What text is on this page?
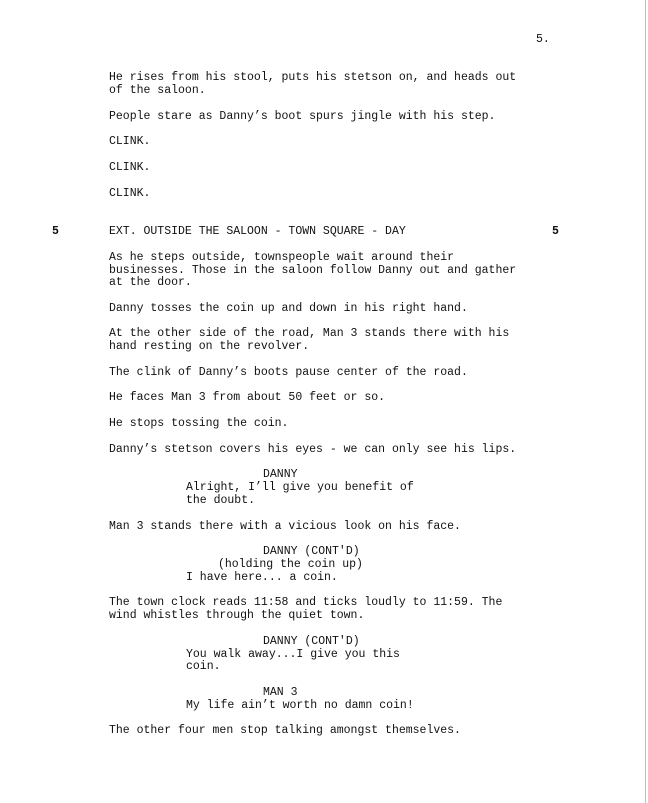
5.
He rises from his stool, puts his stetson on, and heads out
of the saloon.
People stare as Danny’s boot spurs jingle with his step.
CLINK.
CLINK.
CLINK.
5	EXT. OUTSIDE THE SALOON - TOWN SQUARE - DAY	5
As he steps outside, townspeople wait around their
businesses. Those in the saloon follow Danny out and gather
at the door.
Danny tosses the coin up and down in his right hand.
At the other side of the road, Man 3 stands there with his
hand resting on the revolver.
The clink of Danny’s boots pause center of the road.
He faces Man 3 from about 50 feet or so.
He stops tossing the coin.
Danny’s stetson covers his eyes - we can only see his lips.
DANNY
Alright, I’ll give you benefit of
the doubt.
Man 3 stands there with a vicious look on his face.
DANNY (CONT'D)
(holding the coin up)
I have here... a coin.
The town clock reads 11:58 and ticks loudly to 11:59. The
wind whistles through the quiet town.
DANNY (CONT'D)
You walk away...I give you this
coin.
MAN 3
My life ain’t worth no damn coin!
The other four men stop talking amongst themselves.
